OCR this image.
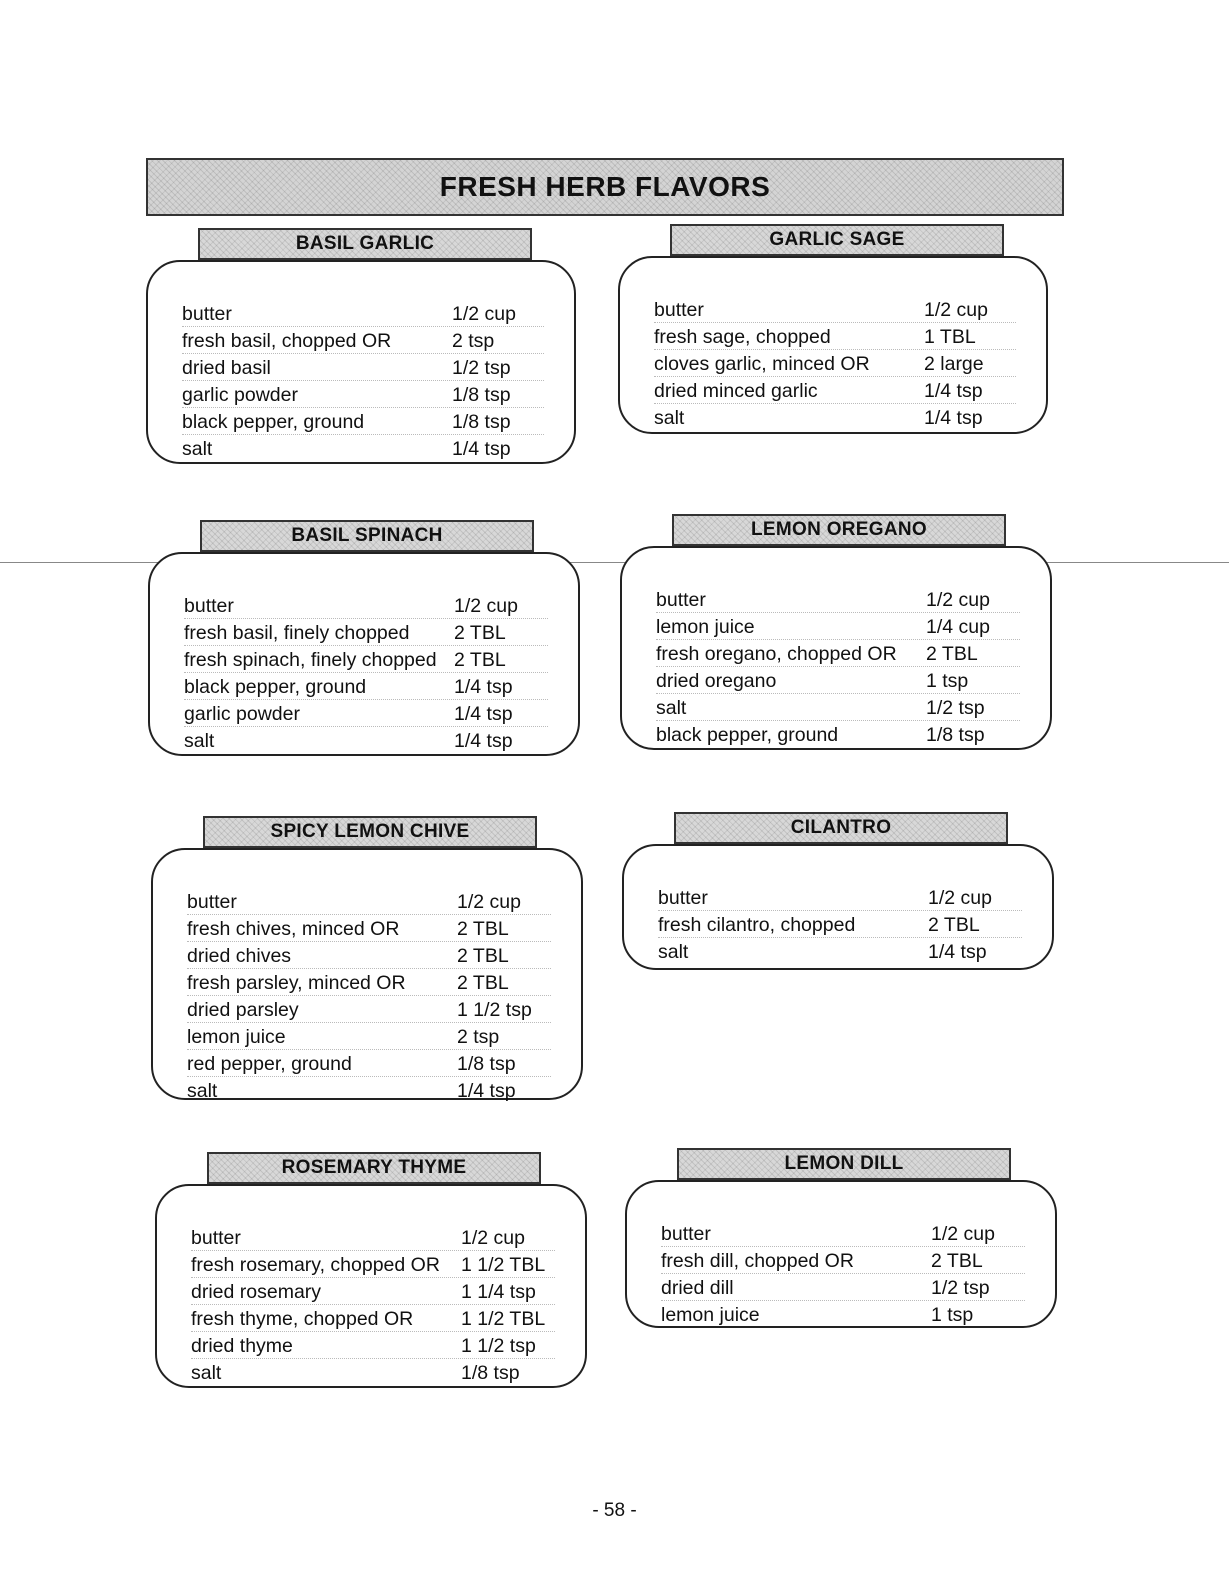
FRESH HERB FLAVORS
BASIL GARLIC
butter	1/2 cup
fresh basil, chopped OR	2 tsp
dried basil	1/2 tsp
garlic powder	1/8 tsp
black pepper, ground	1/8 tsp
salt	1/4 tsp
GARLIC SAGE
butter	1/2 cup
fresh sage, chopped	1 TBL
cloves garlic, minced OR	2 large
dried minced garlic	1/4 tsp
salt	1/4 tsp
BASIL SPINACH
butter	1/2 cup
fresh basil, finely chopped	2 TBL
fresh spinach, finely chopped 2 TBL
black pepper, ground	1/4 tsp
garlic powder	1/4 tsp
salt	1/4 tsp
LEMON OREGANO
butter	1/2 cup
lemon juice	1/4 cup
fresh oregano, chopped OR	2 TBL
dried oregano	1 tsp
salt	1/2 tsp
black pepper, ground	1/8 tsp
SPICY LEMON CHIVE
butter	1/2 cup
fresh chives, minced OR	2 TBL
dried chives	2 TBL
fresh parsley, minced OR	2 TBL
dried parsley	1 1/2 tsp
lemon juice	2 tsp
red pepper, ground	1/8 tsp
salt	1/4 tsp
CILANTRO
butter	1/2 cup
fresh cilantro, chopped	2 TBL
salt	1/4 tsp
ROSEMARY THYME
butter	1/2 cup
fresh rosemary, chopped OR	1 1/2 TBL
dried rosemary	1 1/4 tsp
fresh thyme, chopped OR	1 1/2 TBL
dried thyme	1 1/2 tsp
salt	1/8 tsp
LEMON DILL
butter	1/2 cup
fresh dill, chopped OR	2 TBL
dried dill	1/2 tsp
lemon juice	1 tsp
- 58 -
